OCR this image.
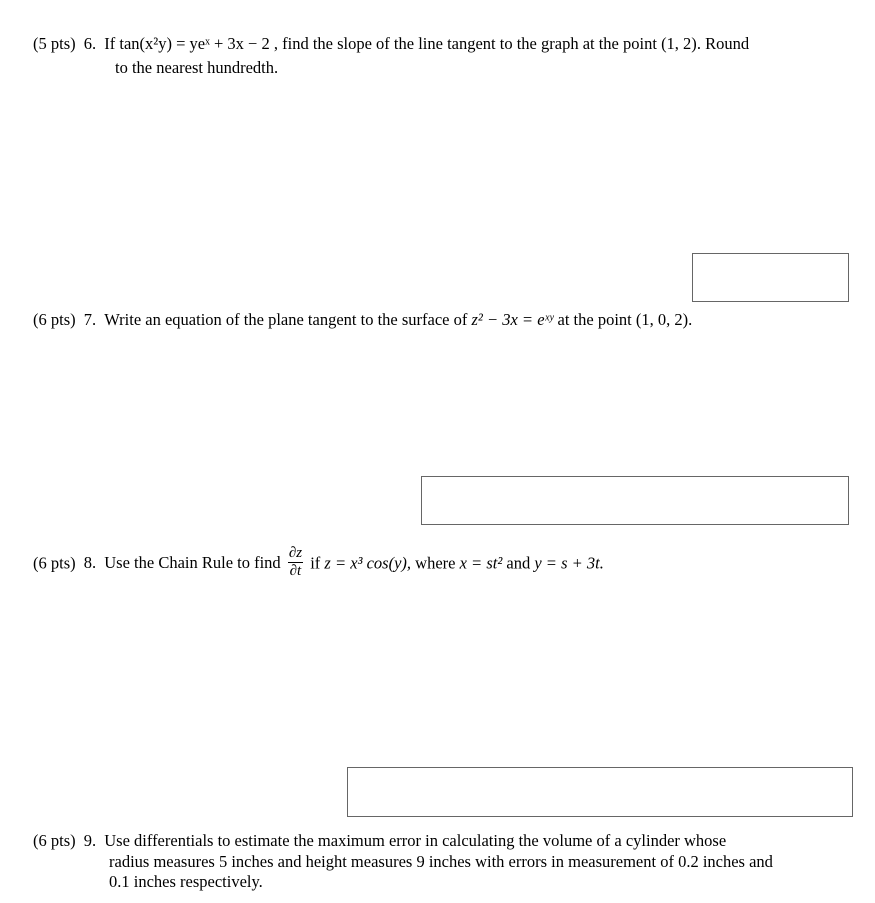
(5 pts) 6. If tan(x²y) = yeˣ + 3x − 2 , find the slope of the line tangent to the graph at the point (1, 2). Round
to the nearest hundredth.
(6 pts) 7. Write an equation of the plane tangent to the surface of z² − 3x = eˣʸ at the point (1, 0, 2).
(6 pts) 8. Use the Chain Rule to find $\frac{\partial z}{\partial t}$ if z = x³ cos(y), where x = st² and y = s + 3t.
(6 pts) 9. Use differentials to estimate the maximum error in calculating the volume of a cylinder whose
radius measures 5 inches and height measures 9 inches with errors in measurement of 0.2 inches and
0.1 inches respectively.
